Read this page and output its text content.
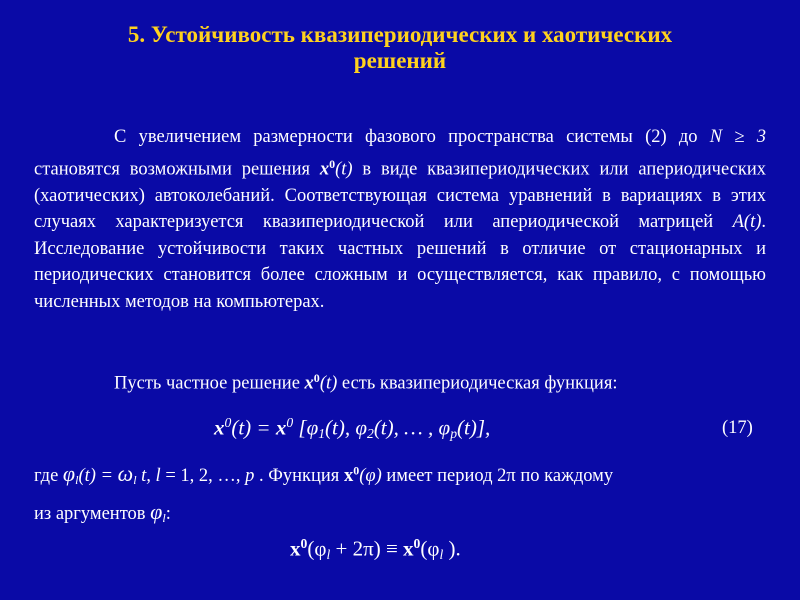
5. Устойчивость квазипериодических и хаотических
решений
С увеличением размерности фазового пространства системы (2) до N ≥ 3 становятся возможными решения $x^0(t)$ в виде квазипериодических или апериодических (хаотических) автоколебаний. Соответствующая система уравнений в вариациях в этих случаях характеризуется квазипериодической или апериодической матрицей A(t). Исследование устойчивости таких частных решений в отличие от стационарных и периодических становится более сложным и осуществляется, как правило, с помощью численных методов на компьютерах.
Пусть частное решение $x^0(t)$ есть квазипериодическая функция:
$x^0(t) = x^0$ [$\varphi_1(t)$, $\varphi_2(t)$, … , $\varphi_p(t)$],	(17)
где $\varphi_l(t) = \omega_l$ t, l = 1, 2, …, p . Функция $x^0(\varphi)$ имеет период 2π по каждому
из аргументов $\varphi_l$:
$x^0(\varphi_l + 2\pi) \equiv x^0(\varphi_l$ ).
